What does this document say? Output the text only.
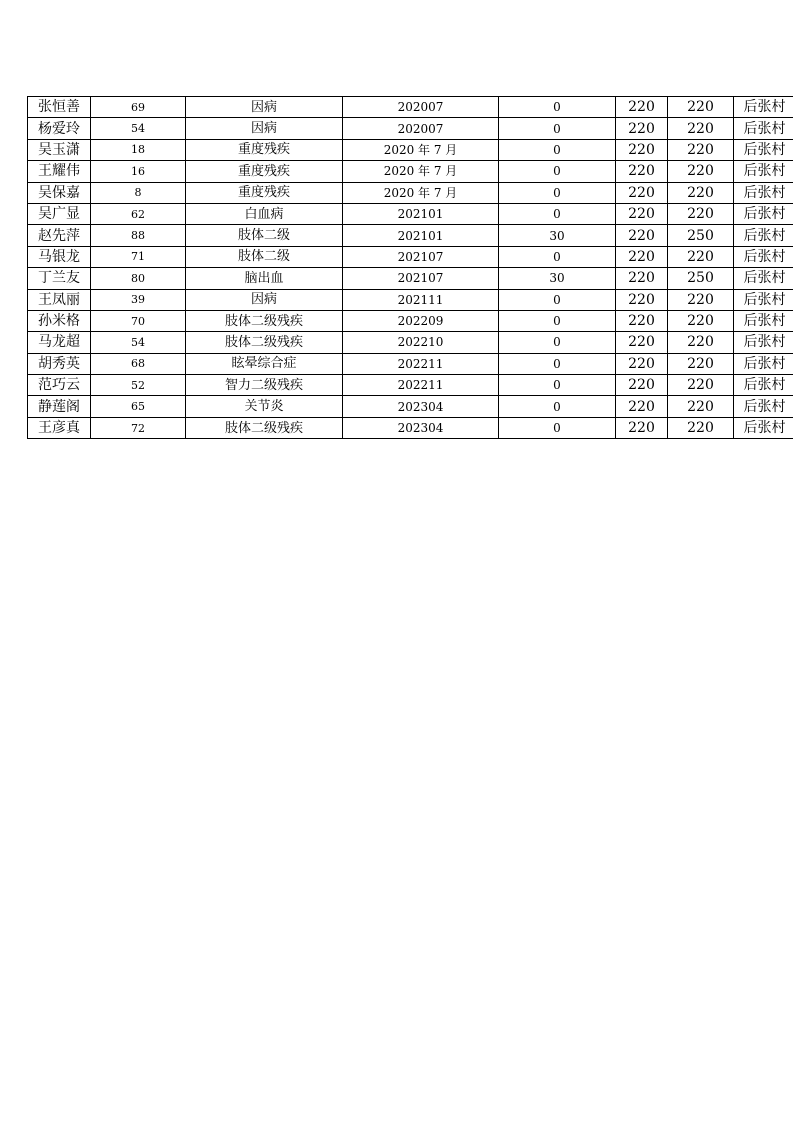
张恒善	69	因病	202007	0	220	220	后张村
杨爱玲	54	因病	202007	0	220	220	后张村
吴玉潇	18	重度残疾	2020 年 7 月	0	220	220	后张村
王耀伟	16	重度残疾	2020 年 7 月	0	220	220	后张村
吴保嘉	8	重度残疾	2020 年 7 月	0	220	220	后张村
吴广显	62	白血病	202101	0	220	220	后张村
赵先萍	88	肢体二级	202101	30	220	250	后张村
马银龙	71	肢体二级	202107	0	220	220	后张村
丁兰友	80	脑出血	202107	30	220	250	后张村
王凤丽	39	因病	202111	0	220	220	后张村
孙米格	70	肢体二级残疾	202209	0	220	220	后张村
马龙超	54	肢体二级残疾	202210	0	220	220	后张村
胡秀英	68	眩晕综合症	202211	0	220	220	后张村
范巧云	52	智力二级残疾	202211	0	220	220	后张村
静莲阁	65	关节炎	202304	0	220	220	后张村
王彦真	72	肢体二级残疾	202304	0	220	220	后张村
